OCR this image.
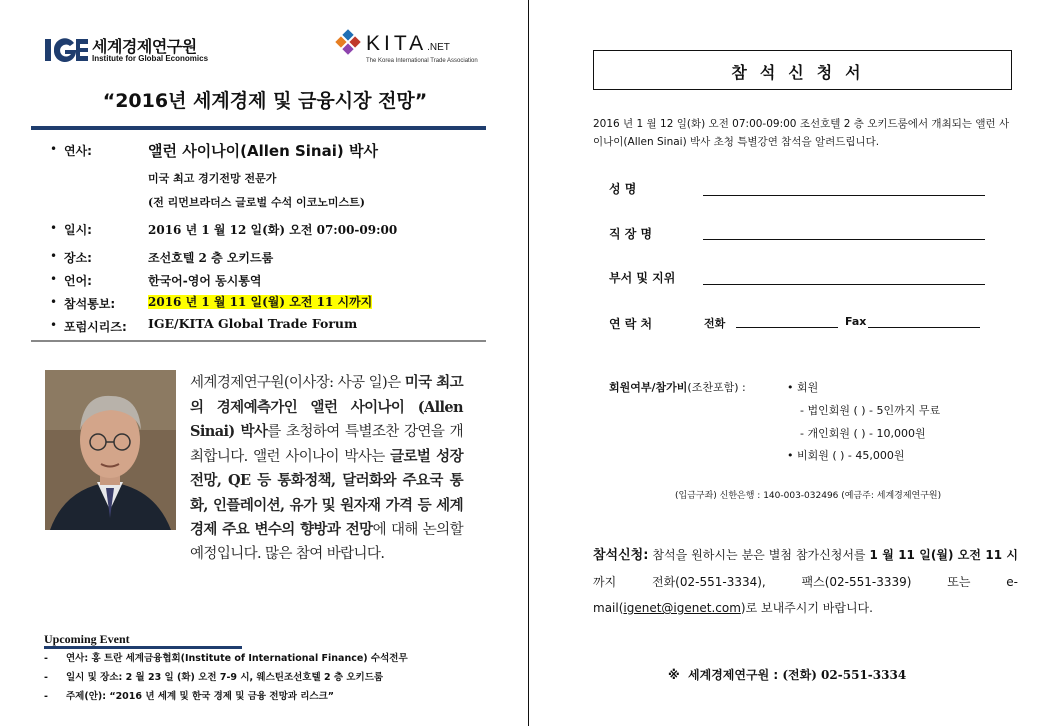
세계경제연구원
Institute for Global Economics
KITA.NET
The Korea International Trade Association
“2016년 세계경제 및 금융시장 전망”
• 연사:	앨런 사이나이(Allen Sinai) 박사
미국 최고 경기전망 전문가
(전 리먼브라더스 글로벌 수석 이코노미스트)
• 일시:	2016 년 1 월 12 일(화) 오전 07:00-09:00
• 장소:	조선호텔 2 층 오키드룸
• 언어:	한국어-영어 동시통역
• 참석통보:	2016 년 1 월 11 일(월) 오전 11 시까지
• 포럼시리즈: IGE/KITA Global Trade Forum
세계경제연구원(이사장: 사공 일)은 미국 최고의 경제예측가인 앨런 사이나이 (Allen Sinai) 박사를 초청하여 특별조찬 강연을 개최합니다. 앨런 사이나이 박사는 글로벌 성장 전망, QE 등 통화정책, 달러화와 주요국 통화, 인플레이션, 유가 및 원자재 가격 등 세계경제 주요 변수의 향방과 전망에 대해 논의할 예정입니다. 많은 참여 바랍니다.
Upcoming Event
- 연사: 홍 트란 세계금융협회(Institute of International Finance) 수석전무
- 일시 및 장소: 2 월 23 일 (화) 오전 7-9 시, 웨스틴조선호텔 2 층 오키드룸
- 주제(안): “2016 년 세계 및 한국 경제 및 금융 전망과 리스크”
참석신청서
2016 년 1 월 12 일(화) 오전 07:00-09:00 조선호텔 2 층 오키드룸에서 개최되는 앨런 사이나이(Allen Sinai) 박사 초청 특별강연 참석을 알려드립니다.
성 명
직 장 명
부서 및 지위
연 락 처	전화	Fax
회원여부/참가비(조찬포함) :	• 회원
- 법인회원 ( ) - 5인까지 무료
- 개인회원 ( ) - 10,000원
• 비회원 ( ) - 45,000원
(입금구좌) 신한은행 : 140-003-032496 (예금주: 세계경제연구원)
참석신청: 참석을 원하시는 분은 별첨 참가신청서를 1 월 11 일(월) 오전 11 시까지 전화(02-551-3334), 팩스(02-551-3339) 또는 e-mail(igenet@igenet.com)로 보내주시기 바랍니다.
※ 세계경제연구원 : (전화) 02-551-3334
